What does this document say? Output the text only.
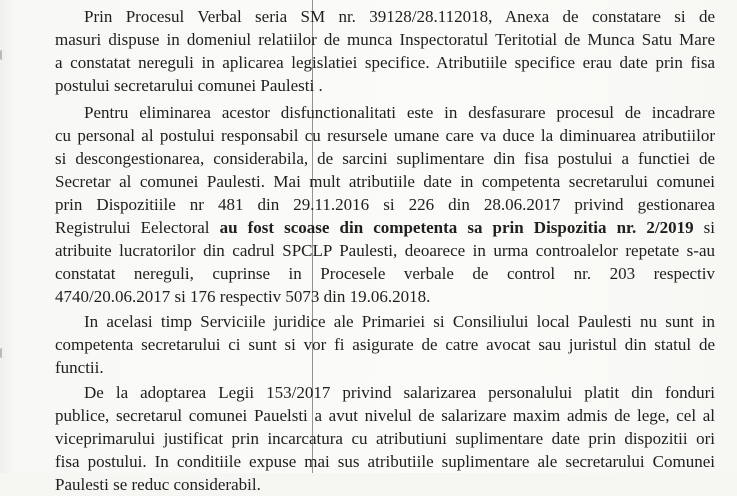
Prin Procesul Verbal seria SM nr. 39128/28.112018, Anexa de constatare si de
masuri dispuse in domeniul relatiilor de munca Inspectoratul Teritotial de Munca Satu Mare
a constatat nereguli in aplicarea legislatiei specifice. Atributiile specifice erau date prin fisa
postului secretarului comunei Paulesti .
Pentru eliminarea acestor disfunctionalitati este in desfasurare procesul de incadrare
cu personal al postului responsabil cu resursele umane care va duce la diminuarea atributiilor
si descongestionarea, considerabila, de sarcini suplimentare din fisa postului a functiei de
Secretar al comunei Paulesti. Mai mult atributiile date in competenta secretarului comunei
prin Dispozitiile nr 481 din 29.11.2016 si 226 din 28.06.2017 privind gestionarea
Registrului Eelectoral au fost scoase din competenta sa prin Dispozitia nr. 2/2019 si
atribuite lucratorilor din cadrul SPCLP Paulesti, deoarece in urma controalelor repetate s-au
constatat nereguli, cuprinse in Procesele verbale de control nr. 203 respectiv
4740/20.06.2017 si 176 respectiv 5073 din 19.06.2018.
In acelasi timp Serviciile juridice ale Primariei si Consiliului local Paulesti nu sunt in
competenta secretarului ci sunt si vor fi asigurate de catre avocat sau juristul din statul de
functii.
De la adoptarea Legii 153/2017 privind salarizarea personalului platit din fonduri
publice, secretarul comunei Pauelsti a avut nivelul de salarizare maxim admis de lege, cel al
viceprimarului justificat prin incarcatura cu atributiuni suplimentare date prin dispozitii ori
fisa postului. In conditiile expuse mai sus atributiile suplimentare ale secretarului Comunei
Paulesti se reduc considerabil.
